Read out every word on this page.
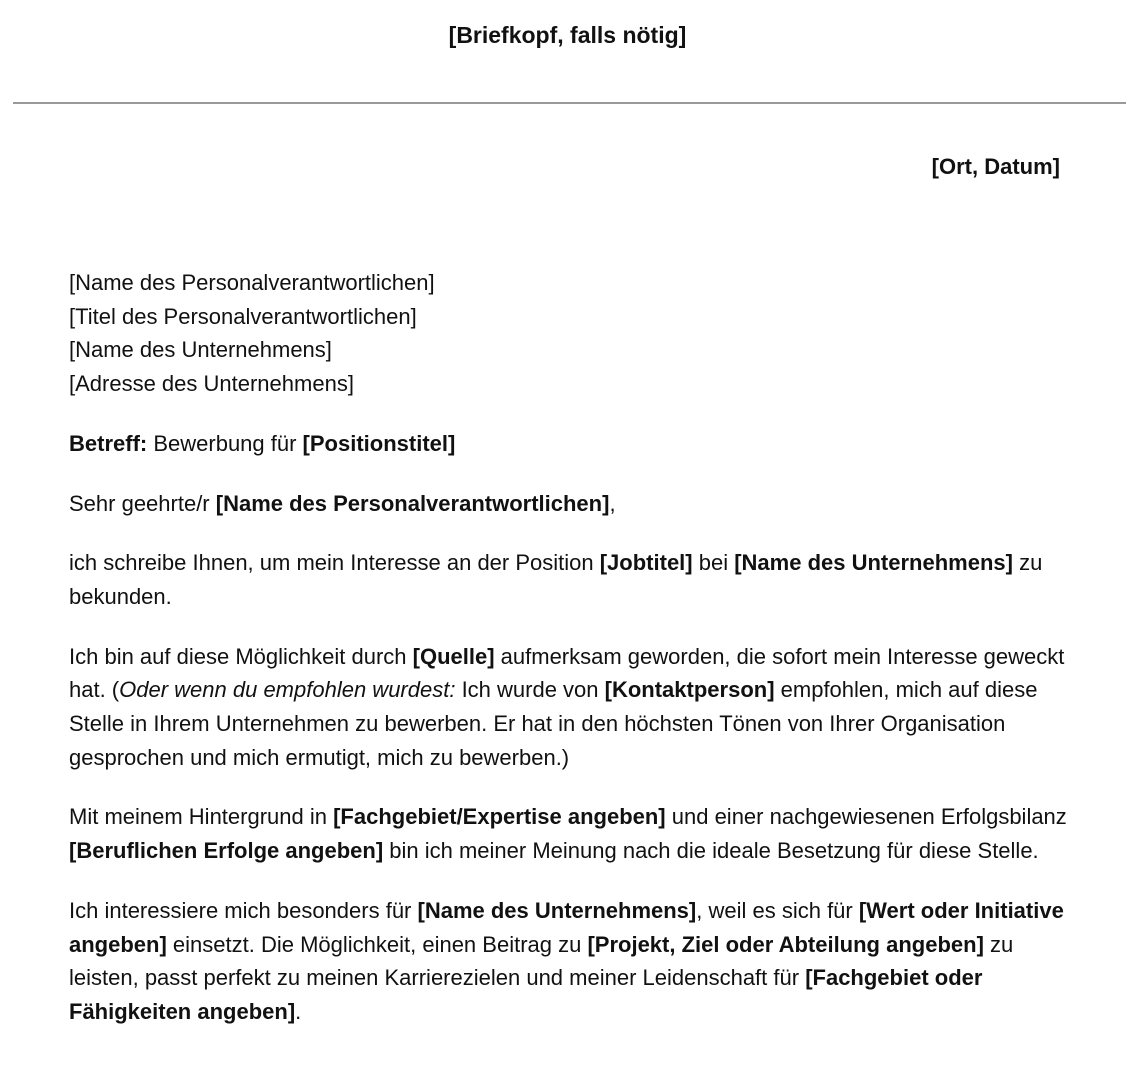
[Briefkopf, falls nötig]
[Ort, Datum]

[Name des Personalverantwortlichen]
[Titel des Personalverantwortlichen]
[Name des Unternehmens]
[Adresse des Unternehmens]

Betreff: Bewerbung für [Positionstitel]

Sehr geehrte/r [Name des Personalverantwortlichen],

ich schreibe Ihnen, um mein Interesse an der Position [Jobtitel] bei [Name des Unternehmens] zu bekunden.

Ich bin auf diese Möglichkeit durch [Quelle] aufmerksam geworden, die sofort mein Interesse geweckt hat. (Oder wenn du empfohlen wurdest: Ich wurde von [Kontaktperson] empfohlen, mich auf diese Stelle in Ihrem Unternehmen zu bewerben. Er hat in den höchsten Tönen von Ihrer Organisation gesprochen und mich ermutigt, mich zu bewerben.)

Mit meinem Hintergrund in [Fachgebiet/Expertise angeben] und einer nachgewiesenen Erfolgsbilanz [Beruflichen Erfolge angeben] bin ich meiner Meinung nach die ideale Besetzung für diese Stelle.

Ich interessiere mich besonders für [Name des Unternehmens], weil es sich für [Wert oder Initiative angeben] einsetzt. Die Möglichkeit, einen Beitrag zu [Projekt, Ziel oder Abteilung angeben] zu leisten, passt perfekt zu meinen Karrierezielen und meiner Leidenschaft für [Fachgebiet oder Fähigkeiten angeben].
